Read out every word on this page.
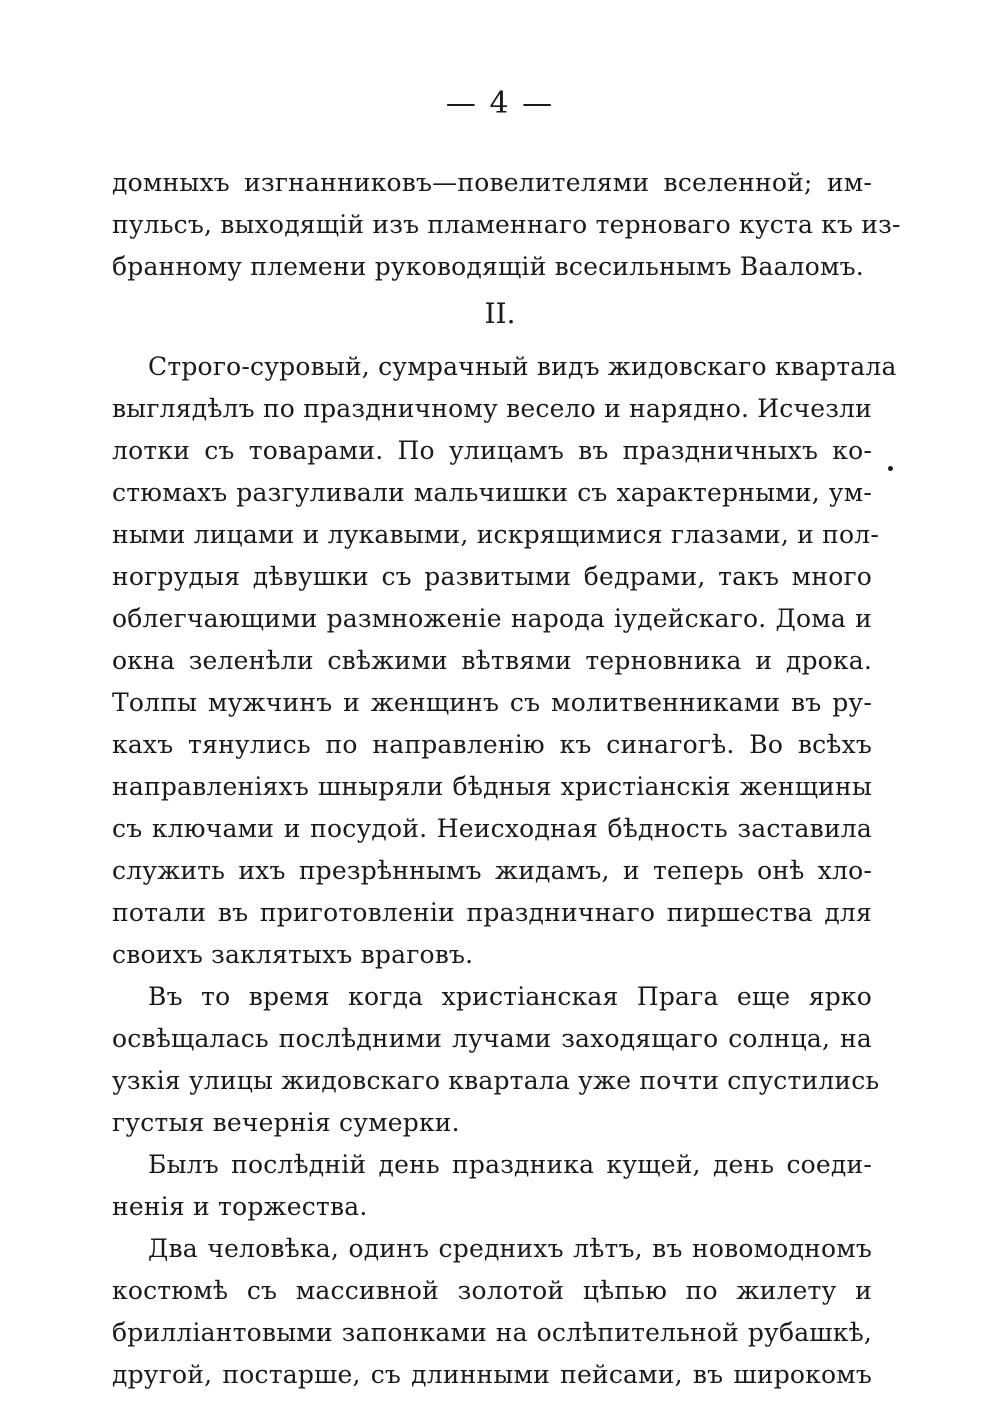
— 4 —
домныхъ изгнанниковъ—повелителями вселенной; им-
пульсъ, выходящій изъ пламеннаго терноваго куста къ из-
бранному племени руководящій всесильнымъ Вааломъ.
II.
Строго-суровый, сумрачный видъ жидовскаго квартала
выглядѣлъ по праздничному весело и нарядно. Исчезли
лотки съ товарами. По улицамъ въ праздничныхъ ко-
стюмахъ разгуливали мальчишки съ характерными, ум-
ными лицами и лукавыми, искрящимися глазами, и пол-
ногрудыя дѣвушки съ развитыми бедрами, такъ много
облегчающими размноженіе народа іудейскаго. Дома и
окна зеленѣли свѣжими вѣтвями терновника и дрока.
Толпы мужчинъ и женщинъ съ молитвенниками въ ру-
кахъ тянулись по направленію къ синагогѣ. Во всѣхъ
направленіяхъ шныряли бѣдныя христіанскія женщины
съ ключами и посудой. Неисходная бѣдность заставила
служить ихъ презрѣннымъ жидамъ, и теперь онѣ хло-
потали въ приготовленіи праздничнаго пиршества для
своихъ заклятыхъ враговъ.
Въ то время когда христіанская Прага еще ярко
освѣщалась послѣдними лучами заходящаго солнца, на
узкія улицы жидовскаго квартала уже почти спустились
густыя вечернія сумерки.
Былъ послѣдній день праздника кущей, день соеди-
ненія и торжества.
Два человѣка, одинъ среднихъ лѣтъ, въ новомодномъ
костюмѣ съ массивной золотой цѣпью по жилету и
брилліантовыми запонками на ослѣпительной рубашкѣ,
другой, постарше, съ длинными пейсами, въ широкомъ
